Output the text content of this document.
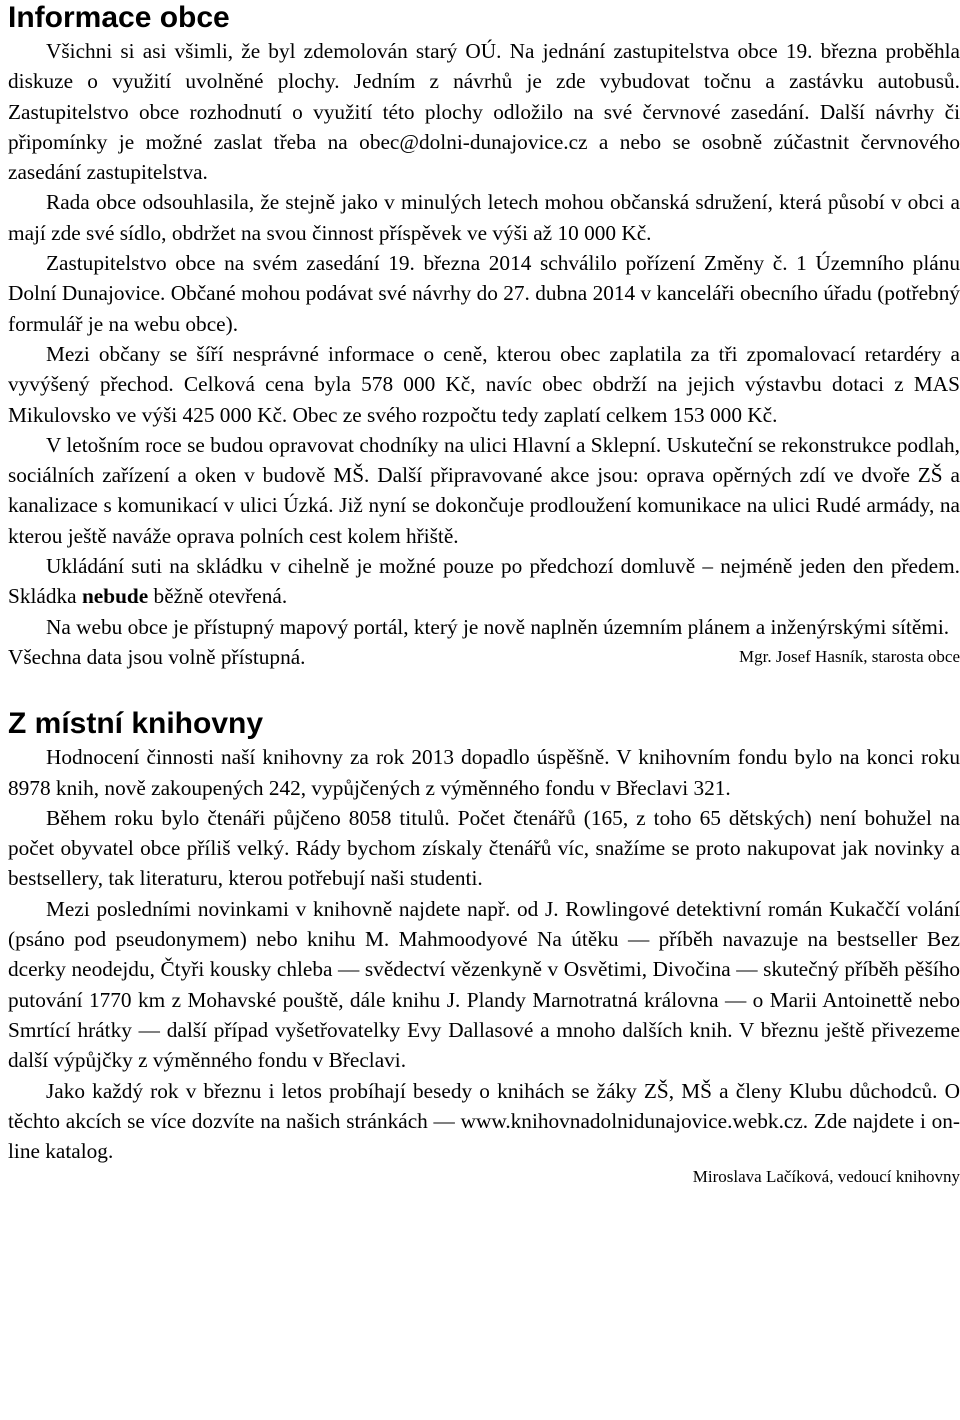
Informace obce

Všichni si asi všimli, že byl zdemolován starý OÚ. Na jednání zastupitelstva obce 19. března proběhla diskuze o využití uvolněné plochy. Jedním z návrhů je zde vybudovat točnu a zastávku autobusů. Zastupitelstvo obce rozhodnutí o využití této plochy odložilo na své červnové zasedání. Další návrhy či připomínky je možné zaslat třeba na obec@dolni-dunajovice.cz a nebo se osobně zúčastnit červnového zasedání zastupitelstva.

Rada obce odsouhlasila, že stejně jako v minulých letech mohou občanská sdružení, která působí v obci a mají zde své sídlo, obdržet na svou činnost příspěvek ve výši až 10 000 Kč.

Zastupitelstvo obce na svém zasedání 19. března 2014 schválilo pořízení Změny č. 1 Územního plánu Dolní Dunajovice. Občané mohou podávat své návrhy do 27. dubna 2014 v kanceláři obecního úřadu (potřebný formulář je na webu obce).

Mezi občany se šíří nesprávné informace o ceně, kterou obec zaplatila za tři zpomalovací retardéry a vyvýšený přechod. Celková cena byla 578 000 Kč, navíc obec obdrží na jejich výstavbu dotaci z MAS Mikulovsko ve výši 425 000 Kč. Obec ze svého rozpočtu tedy zaplatí celkem 153 000 Kč.

V letošním roce se budou opravovat chodníky na ulici Hlavní a Sklepní. Uskuteční se rekonstrukce podlah, sociálních zařízení a oken v budově MŠ. Další připravované akce jsou: oprava opěrných zdí ve dvoře ZŠ a kanalizace s komunikací v ulici Úzká. Již nyní se dokončuje prodloužení komunikace na ulici Rudé armády, na kterou ještě naváže oprava polních cest kolem hřiště.

Ukládání suti na skládku v cihelně je možné pouze po předchozí domluvě – nejméně jeden den předem. Skládka nebude běžně otevřená.

Na webu obce je přístupný mapový portál, který je nově naplněn územním plánem a inženýrskými sítěmi. Všechna data jsou volně přístupná.	Mgr. Josef Hasník, starosta obce

Z místní knihovny

Hodnocení činnosti naší knihovny za rok 2013 dopadlo úspěšně. V knihovním fondu bylo na konci roku 8978 knih, nově zakoupených 242, vypůjčených z výměnného fondu v Břeclavi 321.

Během roku bylo čtenáři půjčeno 8058 titulů. Počet čtenářů (165, z toho 65 dětských) není bohužel na počet obyvatel obce příliš velký. Rády bychom získaly čtenářů víc, snažíme se proto nakupovat jak novinky a bestsellery, tak literaturu, kterou potřebují naši studenti.

Mezi posledními novinkami v knihovně najdete např. od J. Rowlingové detektivní román Kukaččí volání (psáno pod pseudonymem) nebo knihu M. Mahmoodyové Na útěku — příběh navazuje na bestseller Bez dcerky neodejdu, Čtyři kousky chleba — svědectví vězenkyně v Osvětimi, Divočina — skutečný příběh pěšího putování 1770 km z Mohavské pouště, dále knihu J. Plandy Marnotratná královna — o Marii Antoinettě nebo Smrtící hrátky — další případ vyšetřovatelky Evy Dallasové a mnoho dalších knih. V březnu ještě přivezeme další výpůjčky z výměnného fondu v Břeclavi.

Jako každý rok v březnu i letos probíhají besedy o knihách se žáky ZŠ, MŠ a členy Klubu důchodců. O těchto akcích se více dozvíte na našich stránkách — www.knihovnadolnidunajovice.webk.cz. Zde najdete i on-line katalog.

Miroslava Lačíková, vedoucí knihovny
